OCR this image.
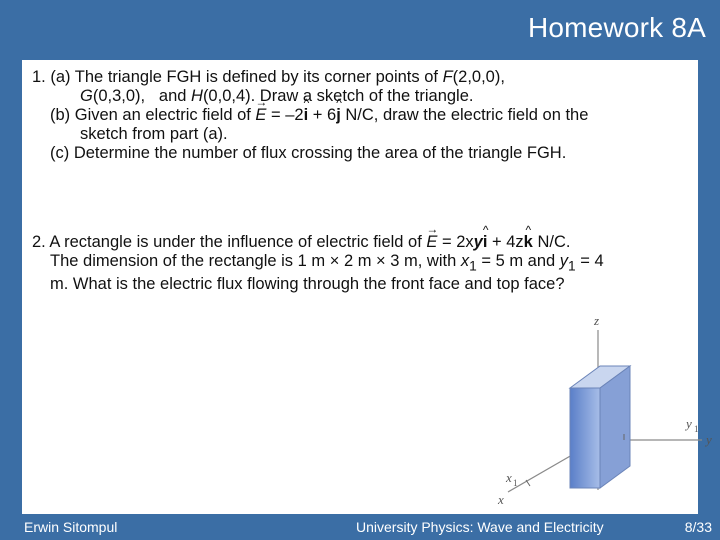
Homework 8A
1. (a) The triangle FGH is defined by its corner points of F(2,0,0),
G(0,3,0), and H(0,0,4). Draw a sketch of the triangle.
(b) Given an electric field of → E = –2^ i + 6^ j N/C, draw the electric field on the
sketch from part (a).
(c) Determine the number of flux crossing the area of the triangle FGH.
2. A rectangle is under the influence of electric field of → E = 2xy^ i + 4z^ k N/C.
The dimension of the rectangle is 1 m × 2 m × 3 m, with $x_1 = 5$ m and $y_1 = 4$
m. What is the electric flux flowing through the front face and top face?
z
y
x
y 1
x 1
Erwin Sitompul	University Physics: Wave and Electricity	8/33
